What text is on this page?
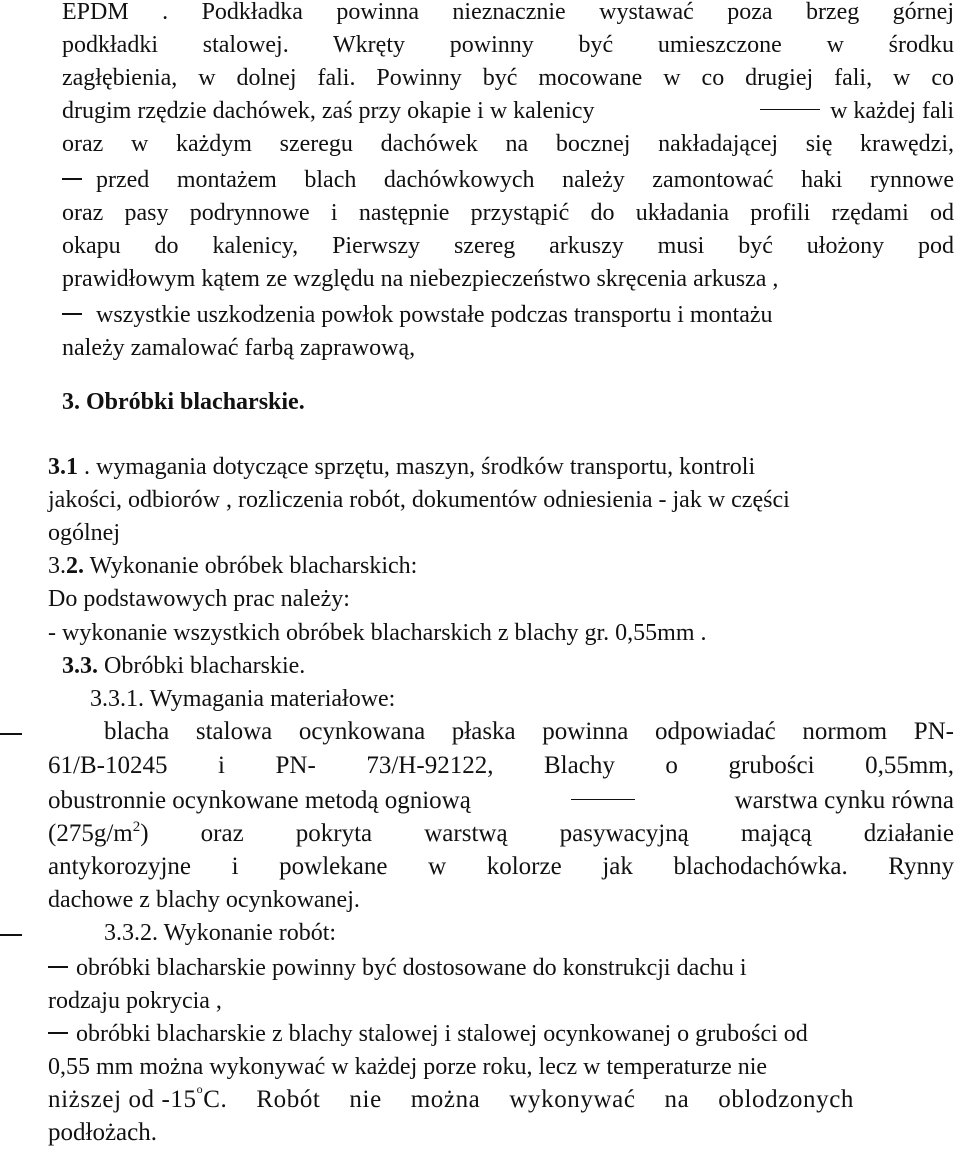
EPDM . Podkładka powinna nieznacznie wystawać poza brzeg górnej
podkładki stalowej. Wkręty powinny być umieszczone w środku
zagłębienia, w dolnej fali. Powinny być mocowane w co drugiej fali, w co
drugim rzędzie dachówek, zaś przy okapie i w kalenicy	w każdej fali
oraz w każdym szeregu dachówek na bocznej nakładającej się krawędzi,
przed montażem blach dachówkowych należy zamontować haki rynnowe
oraz pasy podrynnowe i następnie przystąpić do układania profili rzędami od
okapu do kalenicy, Pierwszy szereg arkuszy musi być ułożony pod
prawidłowym kątem ze względu na niebezpieczeństwo skręcenia arkusza ,
wszystkie uszkodzenia powłok powstałe podczas transportu i montażu
należy zamalować farbą zaprawową,
3. Obróbki blacharskie.
3.1 . wymagania dotyczące sprzętu, maszyn, środków transportu, kontroli
jakości, odbiorów , rozliczenia robót, dokumentów odniesienia - jak w części
ogólnej
3.2. Wykonanie obróbek blacharskich:
Do podstawowych prac należy:
- wykonanie wszystkich obróbek blacharskich z blachy gr. 0,55mm .
3.3. Obróbki blacharskie.
3.3.1. Wymagania materiałowe:
blacha stalowa ocynkowana płaska powinna odpowiadać normom PN-
61/B-10245 i PN- 73/H-92122, Blachy o grubości 0,55mm,
obustronnie ocynkowane metodą ogniową	warstwa cynku równa
($275g/m^2$ ) oraz pokryta warstwą pasywacyjną mającą działanie
antykorozyjne i powlekane w kolorze jak blachodachówka. Rynny
dachowe z blachy ocynkowanej.
3.3.2. Wykonanie robót:
obróbki blacharskie powinny być dostosowane do konstrukcji dachu i
rodzaju pokrycia ,
obróbki blacharskie z blachy stalowej i stalowej ocynkowanej o grubości od
0,55 mm można wykonywać w każdej porze roku, lecz w temperaturze nie
niższej od -15$^o$ C. Robót nie można wykonywać na oblodzonych
podłożach.
